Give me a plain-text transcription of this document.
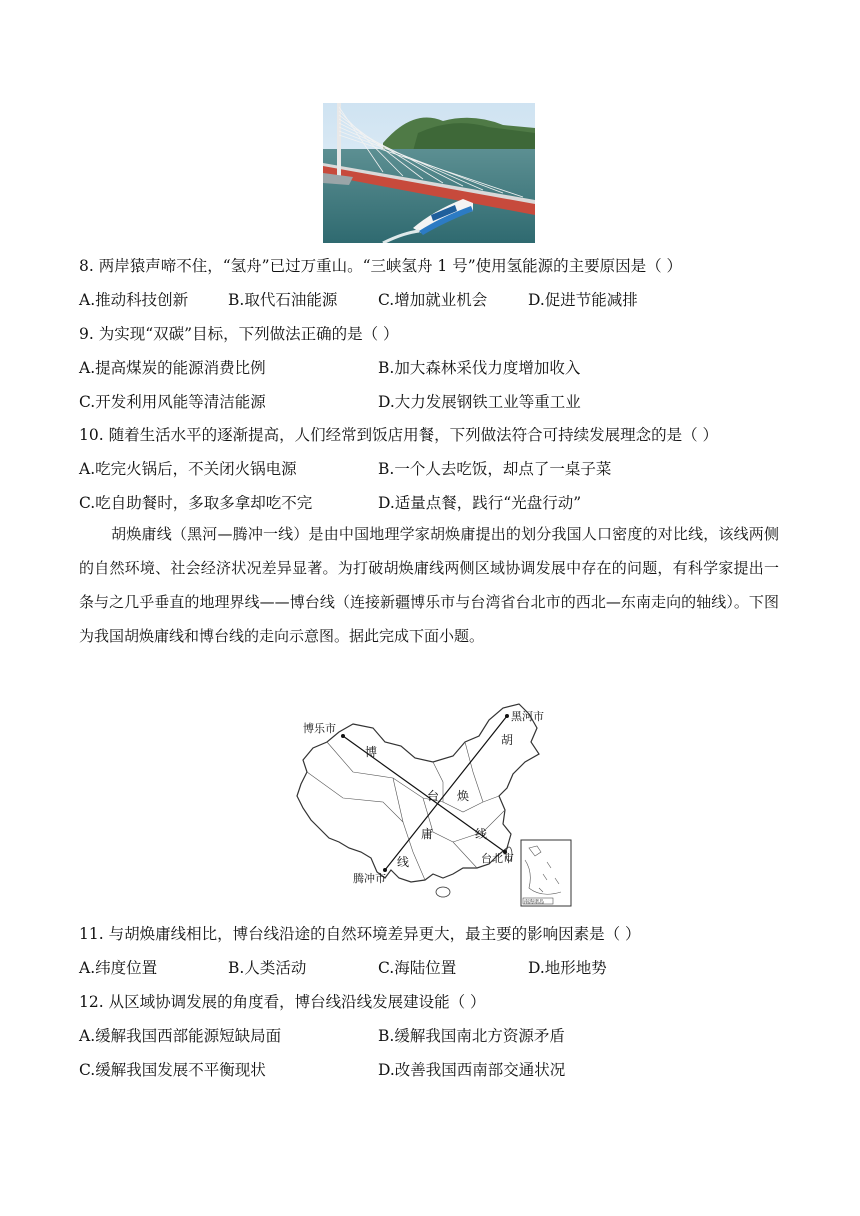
8. 两岸猿声啼不住，“氢舟”已过万重山。“三峡氢舟 1 号”使用氢能源的主要原因是（ ）
A.推动科技创新	B.取代石油能源	C.增加就业机会	D.促进节能减排
9. 为实现“双碳”目标，下列做法正确的是（ ）
A.提高煤炭的能源消费比例	B.加大森林采伐力度增加收入
C.开发利用风能等清洁能源	D.大力发展钢铁工业等重工业
10. 随着生活水平的逐渐提高，人们经常到饭店用餐，下列做法符合可持续发展理念的是（ ）
A.吃完火锅后，不关闭火锅电源	B.一个人去吃饭，却点了一桌子菜
C.吃自助餐时，多取多拿却吃不完	D.适量点餐，践行“光盘行动”
胡焕庸线（黑河—腾冲一线）是由中国地理学家胡焕庸提出的划分我国人口密度的对比线，该线两侧的自然环境、社会经济状况差异显著。为打破胡焕庸线两侧区域协调发展中存在的问题，有科学家提出一条与之几乎垂直的地理界线——博台线（连接新疆博乐市与台湾省台北市的西北—东南走向的轴线）。下图为我国胡焕庸线和博台线的走向示意图。据此完成下面小题。
南海诸岛
博乐市
黑河市
腾冲市
台北市
博
台
线
胡
焕
庸
线
11. 与胡焕庸线相比，博台线沿途的自然环境差异更大，最主要的影响因素是（ ）
A.纬度位置	B.人类活动	C.海陆位置	D.地形地势
12. 从区域协调发展的角度看，博台线沿线发展建设能（ ）
A.缓解我国西部能源短缺局面	B.缓解我国南北方资源矛盾
C.缓解我国发展不平衡现状	D.改善我国西南部交通状况
